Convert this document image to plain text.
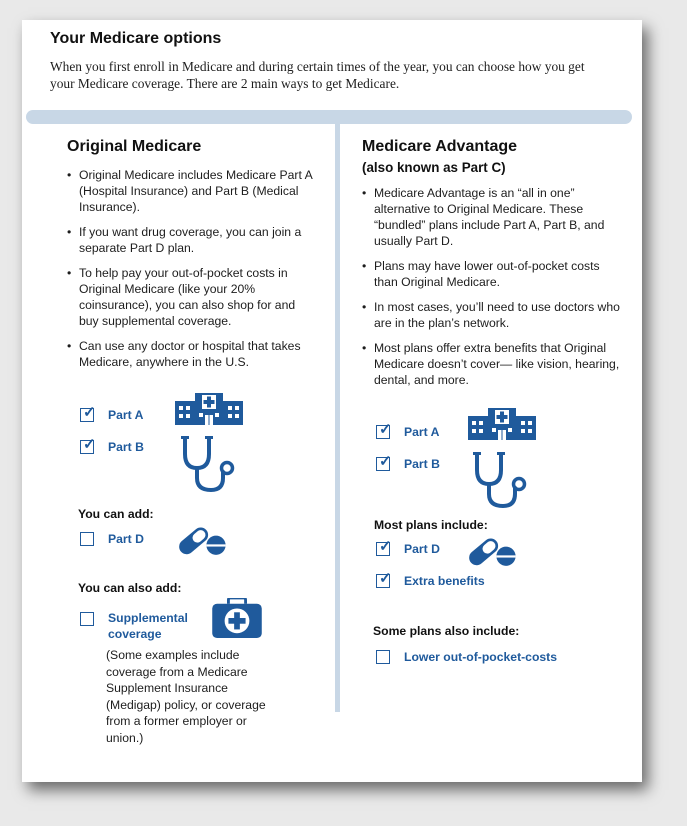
Your Medicare options

When you first enroll in Medicare and during certain times of the year, you can choose how you get your Medicare coverage. There are 2 main ways to get Medicare.

Original Medicare
• Original Medicare includes Medicare Part A (Hospital Insurance) and Part B (Medical Insurance).
• If you want drug coverage, you can join a separate Part D plan.
• To help pay your out-of-pocket costs in Original Medicare (like your 20% coinsurance), you can also shop for and buy supplemental coverage.
• Can use any doctor or hospital that takes Medicare, anywhere in the U.S.
✓
Part A
✓
Part B
You can add:
Part D
You can also add:
Supplemental coverage

(Some examples include coverage from a Medicare Supplement Insurance (Medigap) policy, or coverage from a former employer or union.)

Medicare Advantage

(also known as Part C)

• Medicare Advantage is an “all in one” alternative to Original Medicare. These “bundled” plans include Part A, Part B, and usually Part D.
• Plans may have lower out-of-pocket costs than Original Medicare.
• In most cases, you’ll need to use doctors who are in the plan’s network.
• Most plans offer extra benefits that Original Medicare doesn’t cover— like vision, hearing, dental, and more.
✓
Part A
✓
Part B
Most plans include:
✓
Part D
✓
Extra benefits
Some plans also include:
Lower out-of-pocket-costs
